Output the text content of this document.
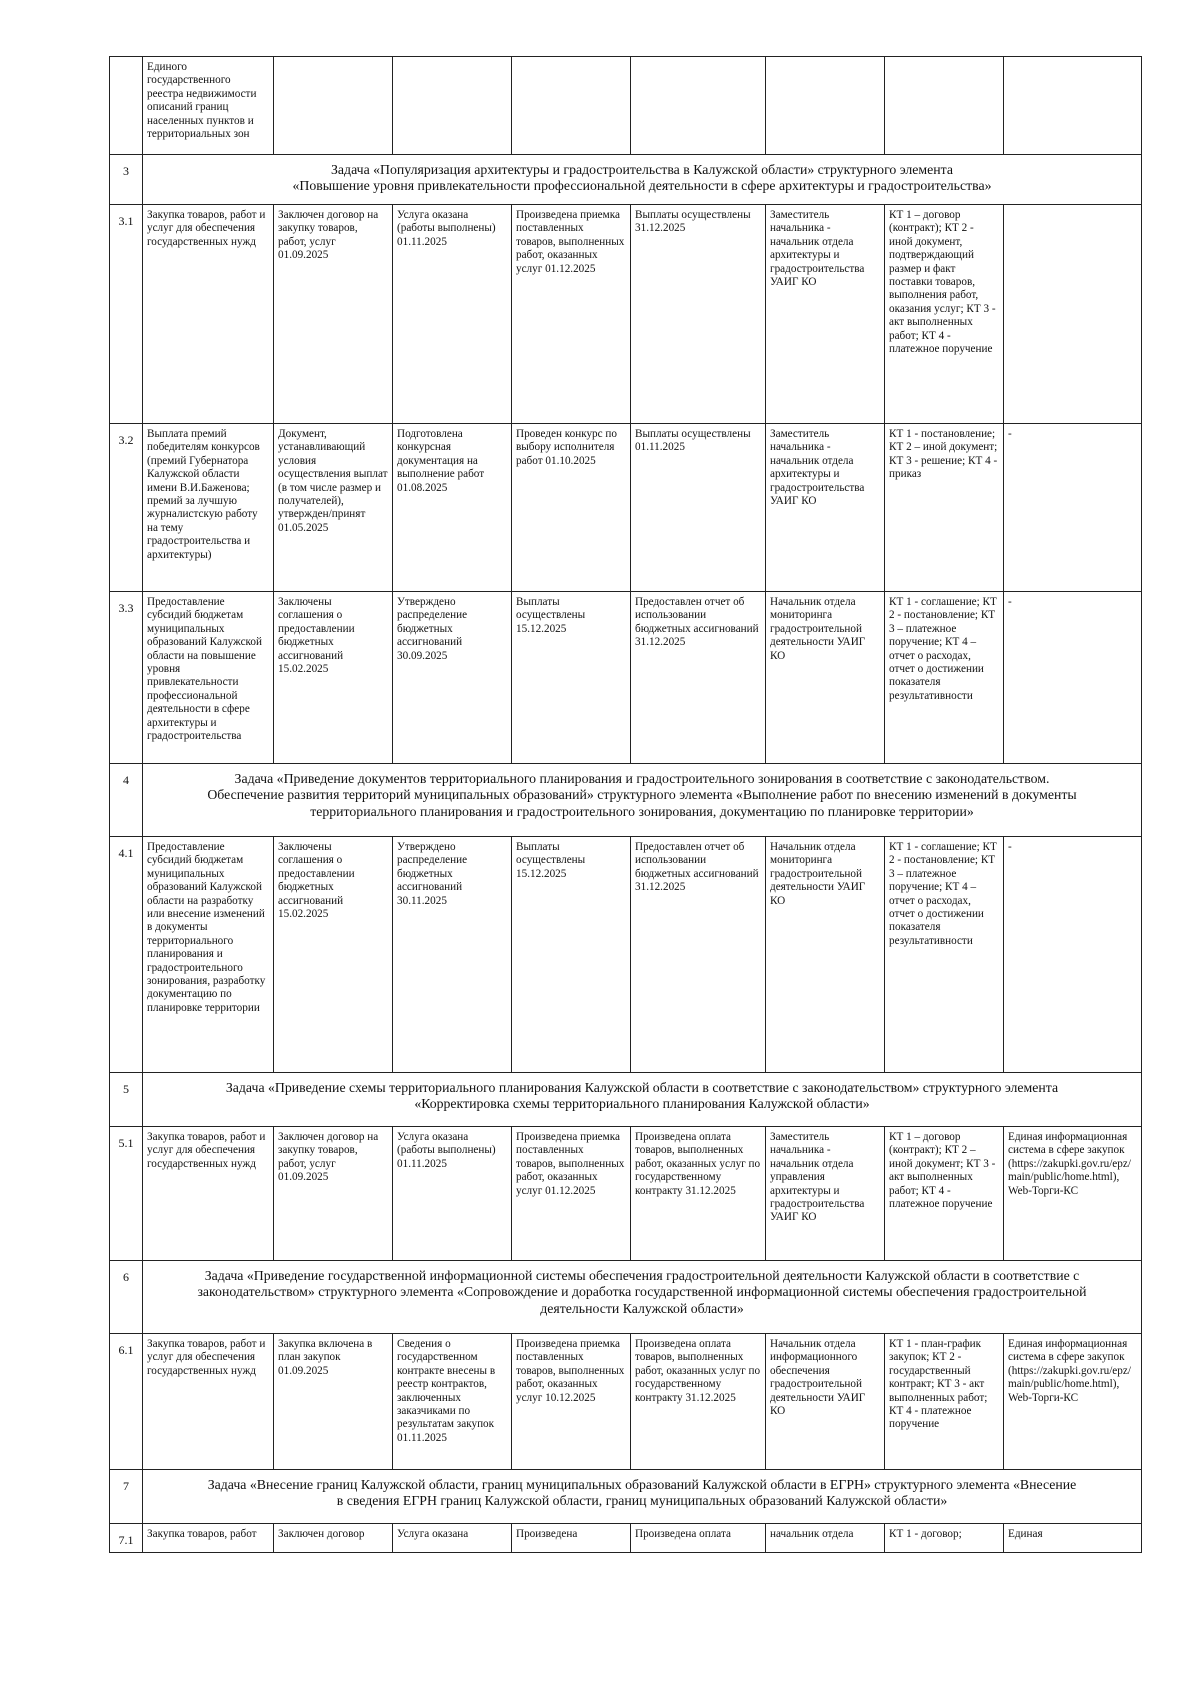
	Единого государственного реестра недвижимости описаний границ населенных пунктов и территориальных зон							
3	Задача «Популяризация архитектуры и градостроительства в Калужской области» структурного элемента
«Повышение уровня привлекательности профессиональной деятельности в сфере архитектуры и градостроительства»							

3.1	Закупка товаров, работ и услуг для обеспечения государственных нужд	Заключен договор на закупку товаров, работ, услуг 01.09.2025	Услуга оказана (работы выполнены) 01.11.2025	Произведена приемка поставленных товаров, выполненных работ, оказанных услуг 01.12.2025	Выплаты осуществлены 31.12.2025	Заместитель начальника - начальник отдела архитектуры и градостроительства УАИГ КО	КТ 1 – договор (контракт); КТ 2 - иной документ, подтверждающий размер и факт поставки товаров, выполнения работ, оказания услуг; КТ 3 - акт выполненных работ; КТ 4 - платежное поручение	
3.2	Выплата премий победителям конкурсов (премий Губернатора Калужской области имени В.И.Баженова; премий за лучшую журналистскую работу на тему градостроительства и архитектуры)	Документ, устанавливающий условия осуществления выплат (в том числе размер и получателей), утвержден/принят 01.05.2025	Подготовлена конкурсная документация на выполнение работ 01.08.2025	Проведен конкурс по выбору исполнителя работ 01.10.2025	Выплаты осуществлены 01.11.2025	Заместитель начальника - начальник отдела архитектуры и градостроительства УАИГ КО	КТ 1 - постановление; КТ 2 – иной документ; КТ 3 - решение; КТ 4 - приказ	-
3.3	Предоставление субсидий бюджетам муниципальных образований Калужской области на повышение уровня привлекательности профессиональной деятельности в сфере архитектуры и градостроительства	Заключены соглашения о предоставлении бюджетных ассигнований 15.02.2025	Утверждено распределение бюджетных ассигнований 30.09.2025	Выплаты осуществлены 15.12.2025	Предоставлен отчет об использовании бюджетных ассигнований 31.12.2025	Начальник отдела мониторинга градостроительной деятельности УАИГ КО	КТ 1 - соглашение; КТ 2 - постановление; КТ 3 – платежное поручение; КТ 4 – отчет о расходах, отчет о достижении показателя результативности	-
4	Задача «Приведение документов территориального планирования и градостроительного зонирования в соответствие с законодательством.
Обеспечение развития территорий муниципальных образований» структурного элемента «Выполнение работ по внесению изменений в документы
территориального планирования и градостроительного зонирования, документацию по планировке территории»							

4.1	Предоставление субсидий бюджетам муниципальных образований Калужской области на разработку или внесение изменений в документы территориального планирования и градостроительного зонирования, разработку документацию по планировке территории	Заключены соглашения о предоставлении бюджетных ассигнований 15.02.2025	Утверждено распределение бюджетных ассигнований 30.11.2025	Выплаты осуществлены 15.12.2025	Предоставлен отчет об использовании бюджетных ассигнований 31.12.2025	Начальник отдела мониторинга градостроительной деятельности УАИГ КО	КТ 1 - соглашение; КТ 2 - постановление; КТ 3 – платежное поручение; КТ 4 – отчет о расходах, отчет о достижении показателя результативности	-
5	Задача «Приведение схемы территориального планирования Калужской области в соответствие с законодательством» структурного элемента
«Корректировка схемы территориального планирования Калужской области»							

5.1	Закупка товаров, работ и услуг для обеспечения государственных нужд	Заключен договор на закупку товаров, работ, услуг 01.09.2025	Услуга оказана (работы выполнены) 01.11.2025	Произведена приемка поставленных товаров, выполненных работ, оказанных услуг 01.12.2025	Произведена оплата товаров, выполненных работ, оказанных услуг по государственному контракту 31.12.2025	Заместитель начальника - начальник отдела управления архитектуры и градостроительства УАИГ КО	КТ 1 – договор (контракт); КТ 2 – иной документ; КТ 3 - акт выполненных работ; КТ 4 - платежное поручение	Единая информационная система в сфере закупок (https://zakupki.gov.ru/epz/main/public/home.html), Web-Торги-КС
6	Задача «Приведение государственной информационной системы обеспечения градостроительной деятельности Калужской области в соответствие с
законодательством» структурного элемента «Сопровождение и доработка государственной информационной системы обеспечения градостроительной
деятельности Калужской области»							

6.1	Закупка товаров, работ и услуг для обеспечения государственных нужд	Закупка включена в план закупок 01.09.2025	Сведения о государственном контракте внесены в реестр контрактов, заключенных заказчиками по результатам закупок 01.11.2025	Произведена приемка поставленных товаров, выполненных работ, оказанных услуг 10.12.2025	Произведена оплата товаров, выполненных работ, оказанных услуг по государственному контракту 31.12.2025	Начальник отдела информационного обеспечения градостроительной деятельности УАИГ КО	КТ 1 - план-график закупок; КТ 2 - государственный контракт; КТ 3 - акт выполненных работ; КТ 4 - платежное поручение	Единая информационная система в сфере закупок (https://zakupki.gov.ru/epz/main/public/home.html), Web-Торги-КС
7	Задача «Внесение границ Калужской области, границ муниципальных образований Калужской области в ЕГРН» структурного элемента «Внесение
в сведения ЕГРН границ Калужской области, границ муниципальных образований Калужской области»							

7.1	Закупка товаров, работ	Заключен договор	Услуга оказана	Произведена	Произведена оплата	начальник отдела	КТ 1 - договор;	Единая
